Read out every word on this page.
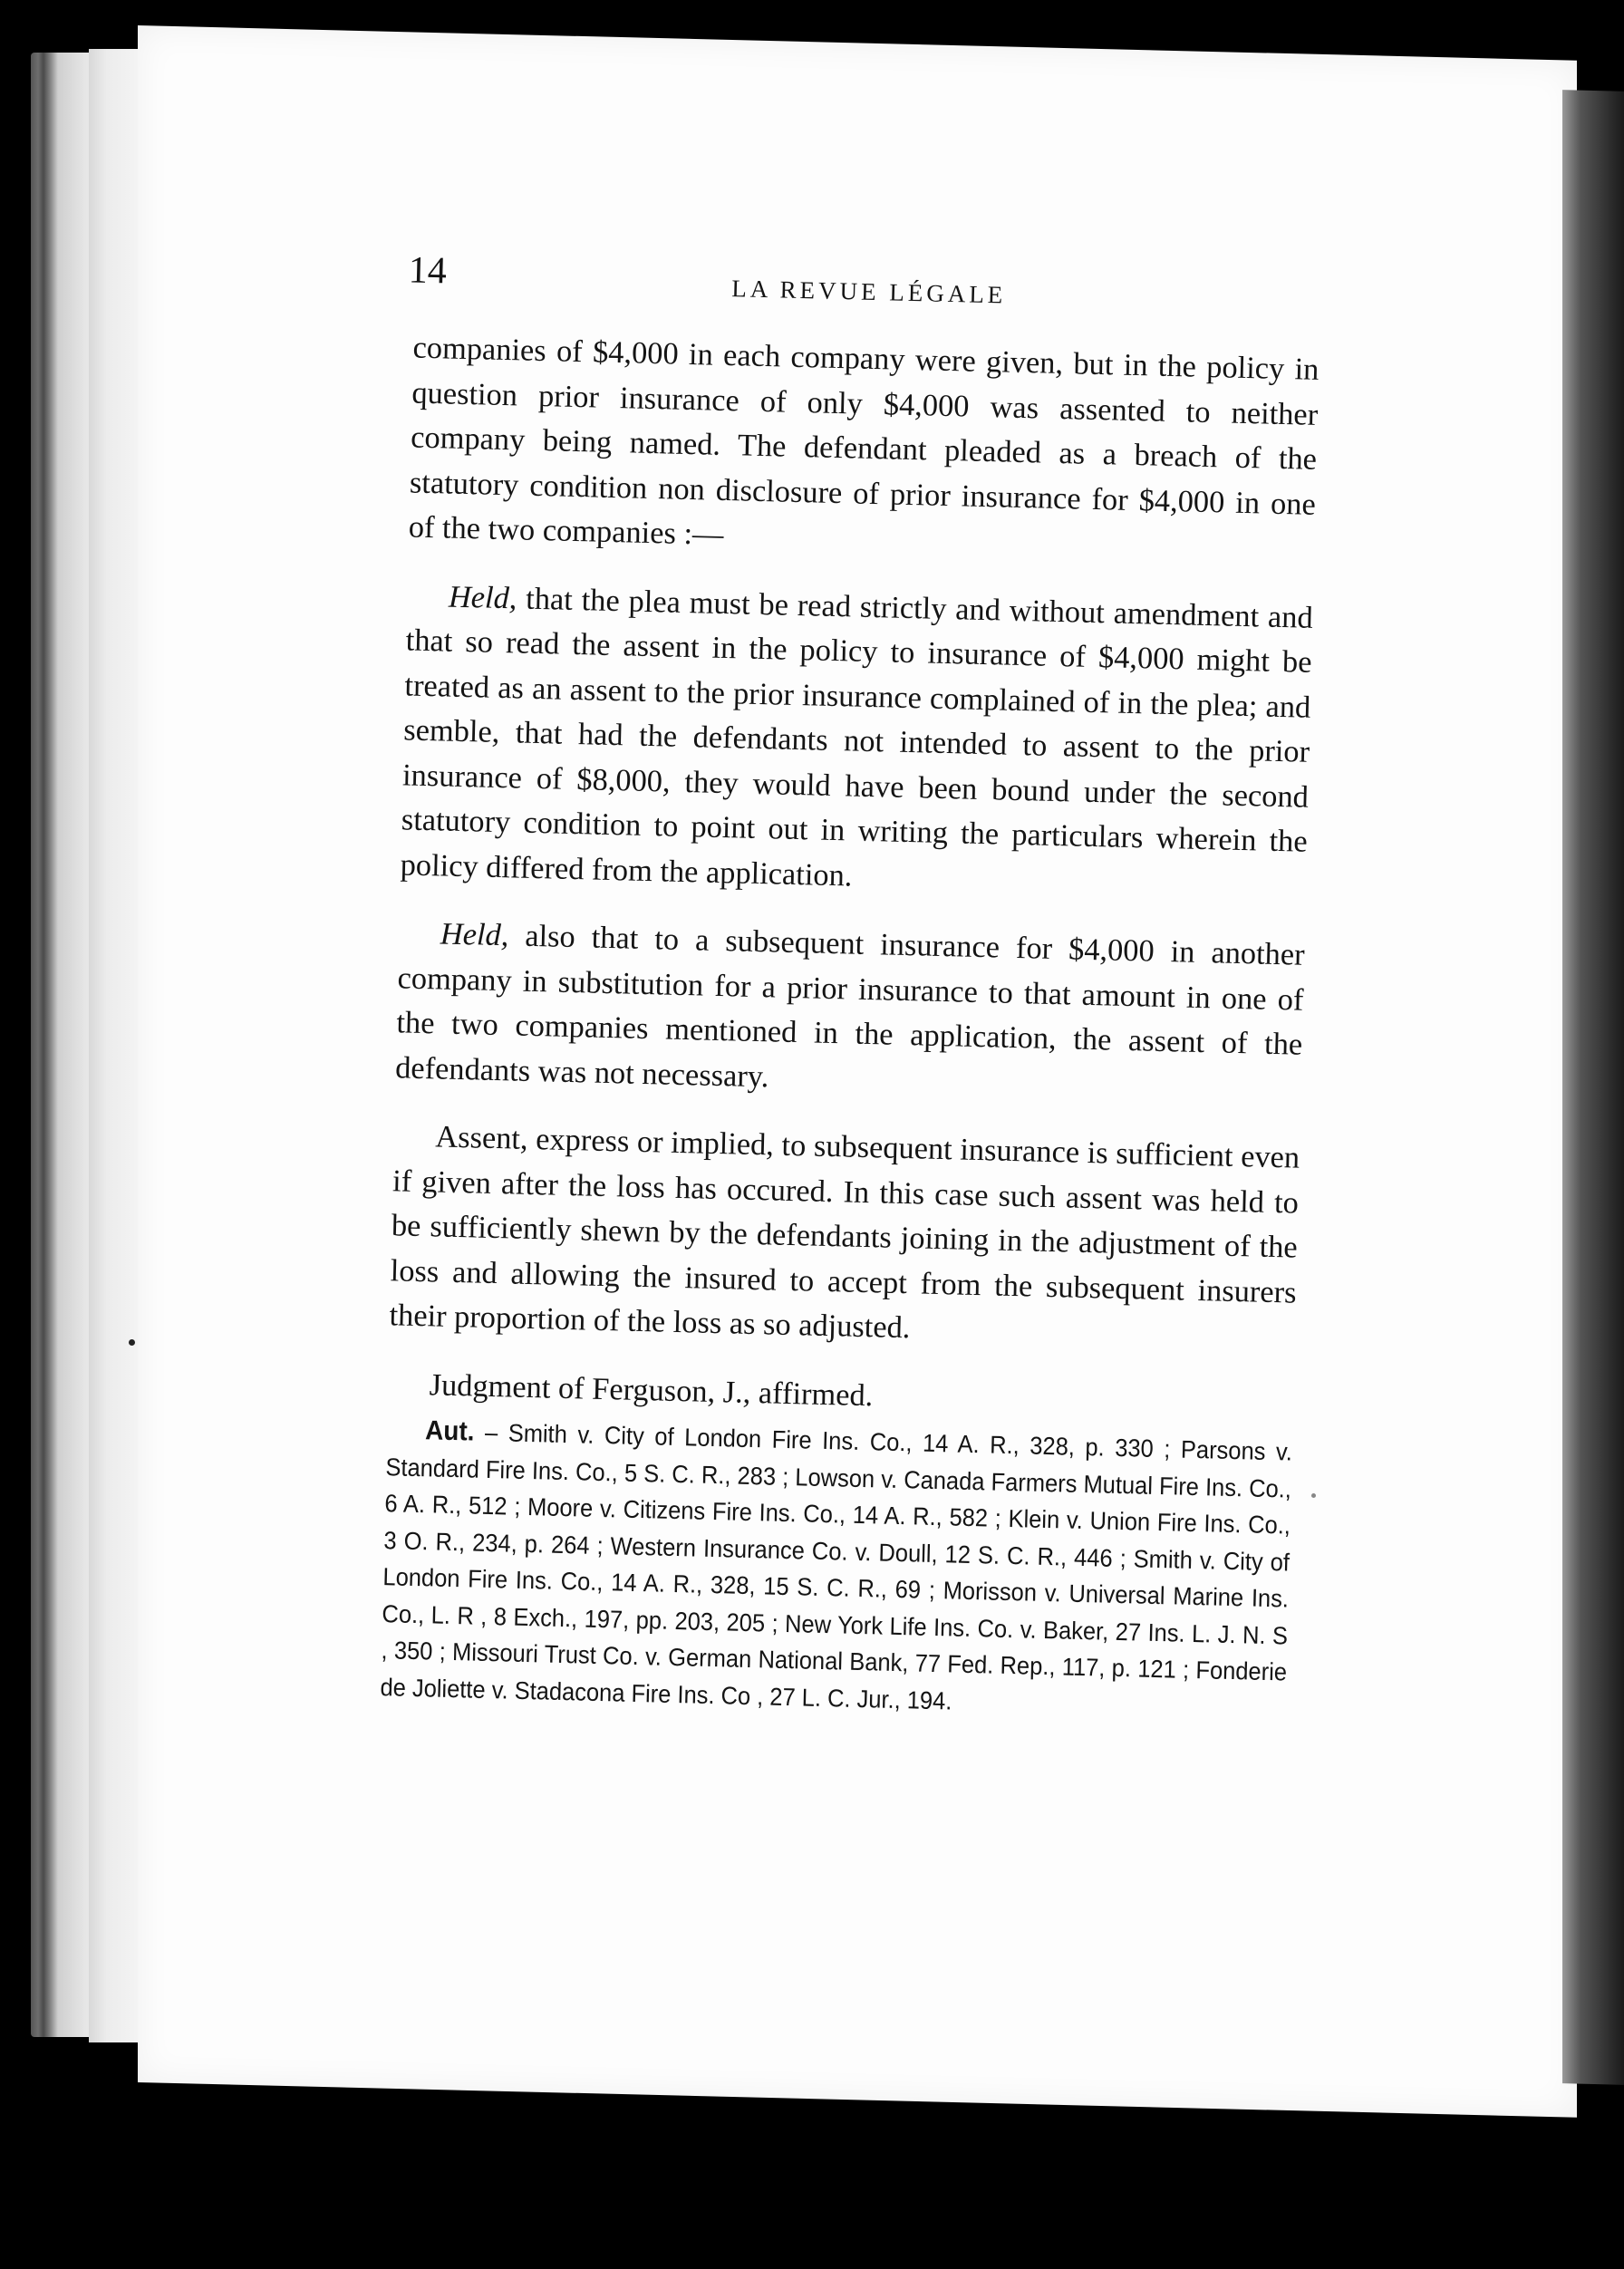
14	LA REVUE LÉGALE

companies of $4,000 in each company were given, but in the policy in question prior insurance of only $4,000 was assented to neither company being named. The defendant pleaded as a breach of the statutory condition non disclosure of prior insurance for $4,000 in one of the two companies :—

Held, that the plea must be read strictly and without amendment and that so read the assent in the policy to insurance of $4,000 might be treated as an assent to the prior insurance complained of in the plea; and semble, that had the defendants not intended to assent to the prior insurance of $8,000, they would have been bound under the second statutory condition to point out in writing the particulars wherein the policy differed from the application.

Held, also that to a subsequent insurance for $4,000 in another company in substitution for a prior insurance to that amount in one of the two companies mentioned in the application, the assent of the defendants was not necessary.

Assent, express or implied, to subsequent insurance is sufficient even if given after the loss has occured. In this case such assent was held to be sufficiently shewn by the defendants joining in the adjustment of the loss and allowing the insured to accept from the subsequent insurers their proportion of the loss as so adjusted.

Judgment of Ferguson, J., affirmed.

Aut. – Smith v. City of London Fire Ins. Co., 14 A. R., 328, p. 330 ; Parsons v. Standard Fire Ins. Co., 5 S. C. R., 283 ; Lowson v. Canada Farmers Mutual Fire Ins. Co., 6 A. R., 512 ; Moore v. Citizens Fire Ins. Co., 14 A. R., 582 ; Klein v. Union Fire Ins. Co., 3 O. R., 234, p. 264 ; Western Insurance Co. v. Doull, 12 S. C. R., 446 ; Smith v. City of London Fire Ins. Co., 14 A. R., 328, 15 S. C. R., 69 ; Morisson v. Universal Marine Ins. Co., L. R , 8 Exch., 197, pp. 203, 205 ; New York Life Ins. Co. v. Baker, 27 Ins. L. J. N. S , 350 ; Missouri Trust Co. v. German National Bank, 77 Fed. Rep., 117, p. 121 ; Fonderie de Joliette v. Stadacona Fire Ins. Co , 27 L. C. Jur., 194.
